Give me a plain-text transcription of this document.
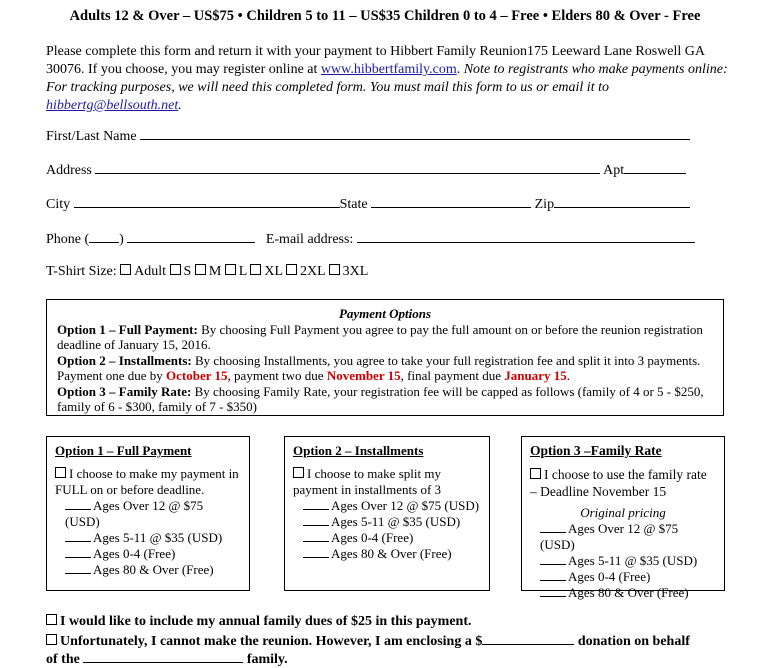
Adults 12 & Over – US$75 • Children 5 to 11 – US$35 Children 0 to 4 – Free • Elders 80 & Over - Free
Please complete this form and return it with your payment to Hibbert Family Reunion175 Leeward Lane Roswell GA 30076. If you choose, you may register online at www.hibbertfamily.com. Note to registrants who make payments online: For tracking purposes, we will need this completed form. You must mail this form to us or email it to hibbertg@bellsouth.net.
First/Last Name
Address	Apt
City	State	Zip
Phone ( )	E-mail address:
T-Shirt Size: Adult S M L XL 2XL 3XL
Payment Options
Option 1 – Full Payment: By choosing Full Payment you agree to pay the full amount on or before the reunion registration deadline of January 15, 2016.
Option 2 – Installments: By choosing Installments, you agree to take your full registration fee and split it into 3 payments. Payment one due by October 15, payment two due November 15, final payment due January 15.
Option 3 – Family Rate: By choosing Family Rate, your registration fee will be capped as follows (family of 4 or 5 - $250, family of 6 - $300, family of 7 - $350)
Option 1 – Full Payment
I choose to make my payment in FULL on or before deadline.
Ages Over 12 @ $75 (USD)
Ages 5-11 @ $35 (USD)
Ages 0-4 (Free)
Ages 80 & Over (Free)
Option 2 – Installments
I choose to make split my payment in installments of 3
Ages Over 12 @ $75 (USD)
Ages 5-11 @ $35 (USD)
Ages 0-4 (Free)
Ages 80 & Over (Free)
Option 3 –Family Rate
I choose to use the family rate – Deadline November 15
Original pricing
Ages Over 12 @ $75 (USD)
Ages 5-11 @ $35 (USD)
Ages 0-4 (Free)
Ages 80 & Over (Free)
I would like to include my annual family dues of $25 in this payment.
Unfortunately, I cannot make the reunion. However, I am enclosing a $	donation on behalf
of the	family.
